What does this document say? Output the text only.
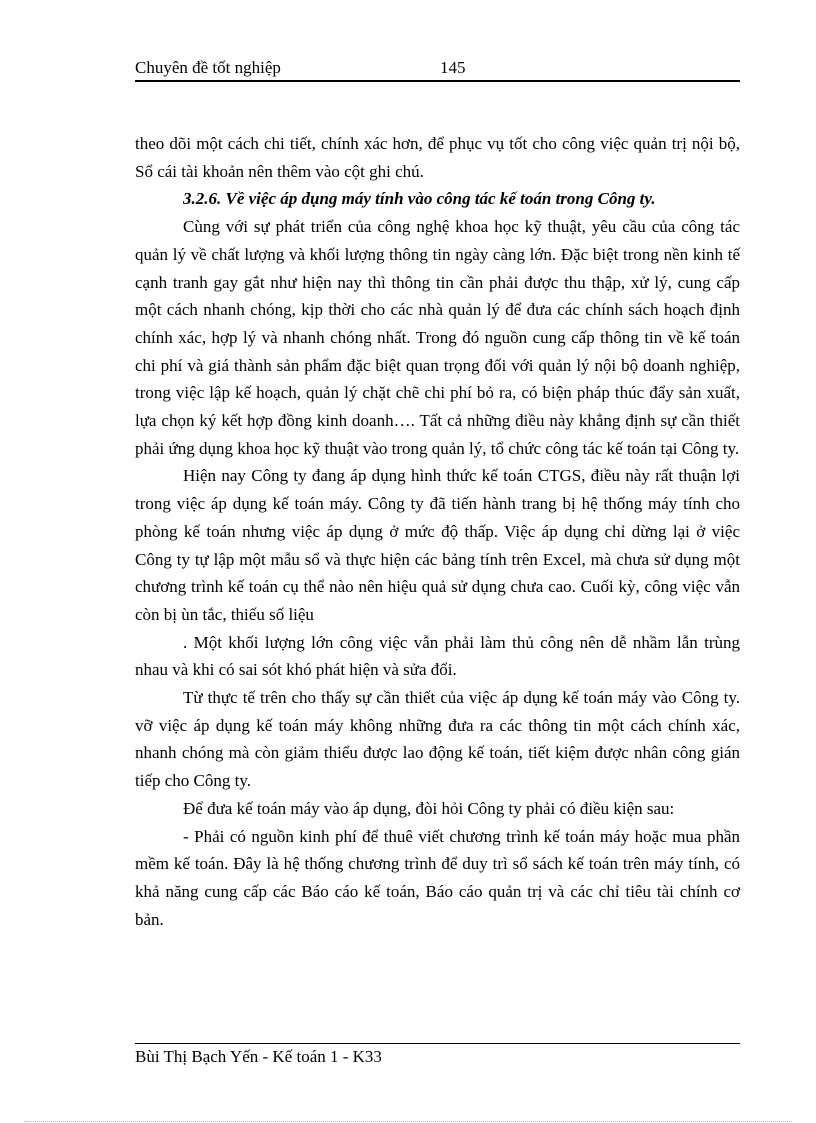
Chuyên đề tốt nghiệp	145

theo dõi một cách chi tiết, chính xác hơn, để phục vụ tốt cho công việc quản trị nội bộ, Sổ cái tài khoản nên thêm vào cột ghi chú.

3.2.6. Về việc áp dụng máy tính vào công tác kế toán trong Công ty.

Cùng với sự phát triển của công nghệ khoa học kỹ thuật, yêu cầu của công tác quản lý về chất lượng và khối lượng thông tin ngày càng lớn. Đặc biệt trong nền kinh tế cạnh tranh gay gắt như hiện nay thì thông tin cần phải được thu thập, xử lý, cung cấp một cách nhanh chóng, kịp thời cho các nhà quản lý để đưa các chính sách hoạch định chính xác, hợp lý và nhanh chóng nhất. Trong đó nguồn cung cấp thông tin về kế toán chi phí và giá thành sản phẩm đặc biệt quan trọng đối với quản lý nội bộ doanh nghiệp, trong việc lập kế hoạch, quản lý chặt chẽ chi phí bỏ ra, có biện pháp thúc đẩy sản xuất, lựa chọn ký kết hợp đồng kinh doanh…. Tất cả những điều này khẳng định sự cần thiết phải ứng dụng khoa học kỹ thuật vào trong quản lý, tổ chức công tác kế toán tại Công ty.

Hiện nay Công ty đang áp dụng hình thức kế toán CTGS, điều này rất thuận lợi trong việc áp dụng kế toán máy. Công ty đã tiến hành trang bị hệ thống máy tính cho phòng kế toán nhưng việc áp dụng ở mức độ thấp. Việc áp dụng chỉ dừng lại ở việc Công ty tự lập một mẫu sổ và thực hiện các bảng tính trên Excel, mà chưa sử dụng một chương trình kế toán cụ thể nào nên hiệu quả sử dụng chưa cao. Cuối kỳ, công việc vẫn còn bị ùn tắc, thiếu số liệu

. Một khối lượng lớn công việc vẫn phải làm thủ công nên dễ nhầm lẫn trùng nhau và khi có sai sót khó phát hiện và sửa đổi.

Từ thực tế trên cho thấy sự cần thiết của việc áp dụng kế toán máy vào Công ty. vỡ việc áp dụng kế toán máy không những đưa ra các thông tin một cách chính xác, nhanh chóng mà còn giảm thiểu được lao động kế toán, tiết kiệm được nhân công gián tiếp cho Công ty.

Để đưa kế toán máy vào áp dụng, đòi hỏi Công ty phải có điều kiện sau:

- Phải có nguồn kinh phí để thuê viết chương trình kế toán máy hoặc mua phần mềm kế toán. Đây là hệ thống chương trình để duy trì sổ sách kế toán trên máy tính, có khả năng cung cấp các Báo cáo kế toán, Báo cáo quản trị và các chỉ tiêu tài chính cơ bản.

Bùi Thị Bạch Yến - Kế toán 1 - K33
